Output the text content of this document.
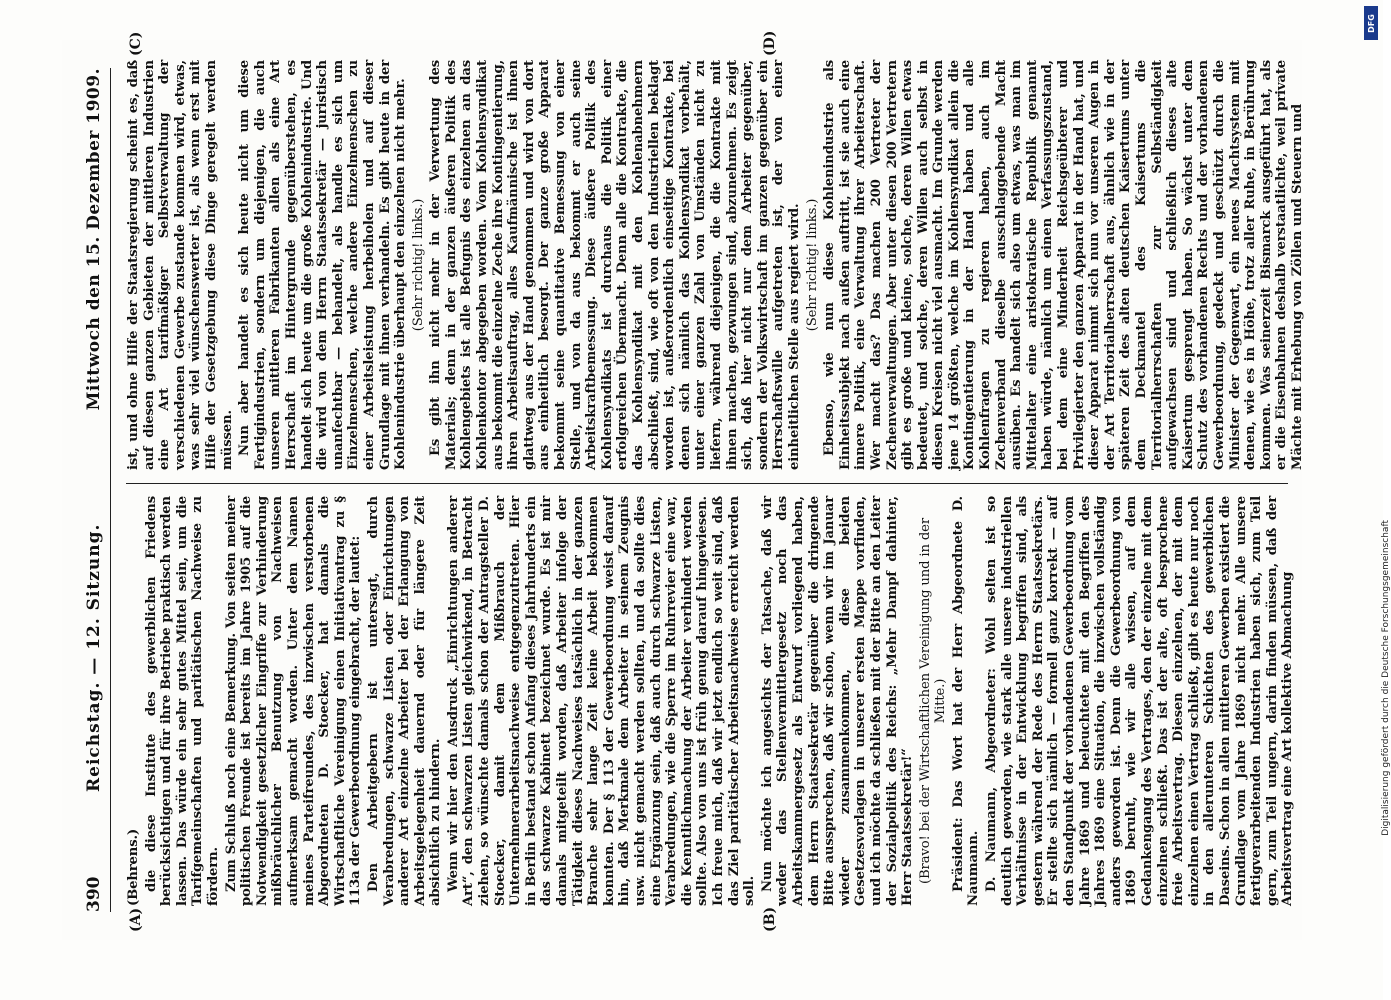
390
Reichstag. — 12. Sitzung.
Mittwoch den 15. Dezember 1909.
(A)	(B)
(C)	(D)

(Behrens.) die diese Institute des gewerblichen Friedens berücksichtigen und für ihre Betriebe praktisch werden lassen. Das würde ein sehr gutes Mittel sein, um die Tarifgemeinschaften und paritätischen Nachweise zu fördern. Zum Schluß noch eine Bemerkung. Von seiten meiner politischen Freunde ist bereits im Jahre 1905 auf die Notwendigkeit gesetzlicher Eingriffe zur Verhinderung mißbräuchlicher Benutzung von Nachweisen aufmerksam gemacht worden. Unter dem Namen meines Parteifreundes, des inzwischen verstorbenen Abgeordneten D. Stoecker, hat damals die Wirtschaftliche Vereinigung einen Initiativantrag zu § 113a der Gewerbeordnung eingebracht, der lautet: Den Arbeitgebern ist untersagt, durch Verabredungen, schwarze Listen oder Einrichtungen anderer Art einzelne Arbeiter bei der Erlangung von Arbeitsgelegenheit dauernd oder für längere Zeit absichtlich zu hindern. Wenn wir hier den Ausdruck „Einrichtungen anderer Art“, den schwarzen Listen gleichwirkend, in Betracht ziehen, so wünschte damals schon der Antragsteller D. Stoecker, damit dem Mißbrauch der Unternehmerarbeitsnachweise entgegenzutreten. Hier in Berlin bestand schon Anfang dieses Jahrhunderts ein das schwarze Kabinett bezeichnet wurde. Es ist mir damals mitgeteilt worden, daß Arbeiter infolge der Tätigkeit dieses Nachweises tatsächlich in der ganzen Branche sehr lange Zeit keine Arbeit bekommen konnten. Der § 113 der Gewerbeordnung weist darauf hin, daß Merkmale dem Arbeiter in seinem Zeugnis usw. nicht gemacht werden sollten, und da sollte dies eine Ergänzung sein, daß auch durch schwarze Listen, Verabredungen, wie die Sperre im Ruhrrevier eine war, die Kenntlichmachung der Arbeiter verhindert werden sollte. Also von uns ist früh genug darauf hingewiesen. Ich freue mich, daß wir jetzt endlich so weit sind, daß das Ziel paritätischer Arbeitsnachweise erreicht werden soll. Nun möchte ich angesichts der Tatsache, daß wir weder das Stellenvermittlergesetz noch das Arbeitskammergesetz als Entwurf vorliegend haben, dem Herrn Staatssekretär gegenüber die dringende Bitte aussprechen, daß wir schon, wenn wir im Januar wieder zusammenkommen, diese beiden Gesetzesvorlagen in unserer ersten Mappe vorfinden, und ich möchte da schließen mit der Bitte an den Leiter der Sozialpolitik des Reichs: „Mehr Dampf dahinter, Herr Staatssekretär!“ (Bravo! bei der Wirtschaftlichen Vereinigung und in der Mitte.) Präsident: Das Wort hat der Herr Abgeordnete D. Naumann. D. Naumann, Abgeordneter: Wohl selten ist so deutlich geworden, wie stark alle unsere industriellen Verhältnisse in der Entwicklung begriffen sind, als gestern während der Rede des Herrn Staatssekretärs. Er stellte sich nämlich — formell ganz korrekt — auf den Standpunkt der vorhandenen Gewerbeordnung vom Jahre 1869 und beleuchtete mit den Begriffen des Jahres 1869 eine Situation, die inzwischen vollständig anders geworden ist. Denn die Gewerbeordnung von 1869 beruht, wie wir alle wissen, auf dem Gedankengang des Vertrages, den der einzelne mit dem einzelnen schließt. Das ist der alte, oft besprochene freie Arbeitsvertrag. Diesen einzelnen, der mit dem einzelnen einen Vertrag schließt, gibt es heute nur noch in den allerunteren Schichten des gewerblichen Daseins. Schon in allen mittleren Gewerben existiert die Grundlage vom Jahre 1869 nicht mehr. Alle unsere fertigverarbeitenden Industrien haben sich, zum Teil gern, zum Teil ungern, darin finden müssen, daß der Arbeitsvertrag eine Art kollektive Abmachung

ist, und ohne Hilfe der Staatsregierung scheint es, daß auf diesen ganzen Gebieten der mittleren Industrien eine Art tarifmäßiger Selbstverwaltung der verschiedenen Gewerbe zustande kommen wird, etwas, was sehr viel wünschenswerter ist, als wenn erst mit Hilfe der Gesetzgebung diese Dinge geregelt werden müssen. Nun aber handelt es sich heute nicht um diese Fertigindustrien, sondern um diejenigen, die auch unseren mittleren Fabrikanten allen als eine Art Herrschaft im Hintergrunde gegenüberstehen, es handelt sich heute um die große Kohlenindustrie. Und die wird von dem Herrn Staatssekretär — juristisch unanfechtbar — behandelt, als handle es sich um Einzelmenschen, welche andere Einzelmenschen zu einer Arbeitsleistung herbeiholen und auf dieser Grundlage mit ihnen verhandeln. Es gibt heute in der Kohlenindustrie überhaupt den einzelnen nicht mehr. (Sehr richtig! links.) Es gibt ihn nicht mehr in der Verwertung des Materials; denn in der ganzen äußeren Politik des Kohlengebiets ist alle Befugnis des einzelnen an das Kohlenkontor abgegeben worden. Vom Kohlensyndikat aus bekommt die einzelne Zeche ihre Kontingentierung, ihren Arbeitsauftrag, alles Kaufmännische ist ihnen glattweg aus der Hand genommen und wird von dort aus einheitlich besorgt. Der ganze große Apparat bekommt seine quantitative Bemessung von einer Stelle, und von da aus bekommt er auch seine Arbeitskraftbemessung. Diese äußere Politik des Kohlensyndikats ist durchaus die Politik einer erfolgreichen Übermacht. Denn alle die Kontrakte, die das Kohlensyndikat mit den Kohlenabnehmern abschließt, sind, wie oft von den Industriellen beklagt worden ist, außerordentlich einseitige Kontrakte, bei denen sich nämlich das Kohlensyndikat vorbehält, unter einer ganzen Zahl von Umständen nicht zu liefern, während diejenigen, die die Kontrakte mit ihnen machen, gezwungen sind, abzunehmen. Es zeigt sich, daß hier nicht nur dem Arbeiter gegenüber, sondern der Volkswirtschaft im ganzen gegenüber ein Herrschaftswille aufgetreten ist, der von einer einheitlichen Stelle aus regiert wird. (Sehr richtig! links.) Ebenso, wie nun diese Kohlenindustrie als Einheitssubjekt nach außen auftritt, ist sie auch eine innere Politik, eine Verwaltung ihrer Arbeiterschaft. Wer macht das? Das machen 200 Vertreter der Zechenverwaltungen. Aber unter diesen 200 Vertretern gibt es große und kleine, solche, deren Willen etwas bedeutet, und solche, deren Willen auch selbst in diesen Kreisen nicht viel ausmacht. Im Grunde werden jene 14 größten, welche im Kohlensyndikat allein die Kontingentierung in der Hand haben und alle Kohlenfragen zu regieren haben, auch im Zechenverband dieselbe ausschlaggebende Macht ausüben. Es handelt sich also um etwas, was man im Mittelalter eine aristokratische Republik genannt haben würde, nämlich um einen Verfassungszustand, bei dem eine Minderheit Reichsgeübterer und Privilegierter den ganzen Apparat in der Hand hat, und dieser Apparat nimmt sich nun vor unseren Augen in der Art Territorialherrschaft aus, ähnlich wie in der späteren Zeit des alten deutschen Kaisertums unter dem Deckmantel des Kaisertums die Territorialherrschaften zur Selbständigkeit aufgewachsen sind und schließlich dieses alte Kaisertum gesprengt haben. So wächst unter dem Schutz des vorhandenen Rechts und der vorhandenen Gewerbeordnung, gedeckt und geschützt durch die Minister der Gegenwart, ein neues Machtsystem mit denen, wie es in Höhe, trotz aller Ruhe, in Berührung kommen. Was seinerzeit Bismarck ausgeführt hat, als er die Eisenbahnen deshalb verstaatlichte, weil private Mächte mit Erhebung von Zöllen und Steuern und

DFG
Digitalisierung gefördert durch die Deutsche Forschungsgemeinschaft
